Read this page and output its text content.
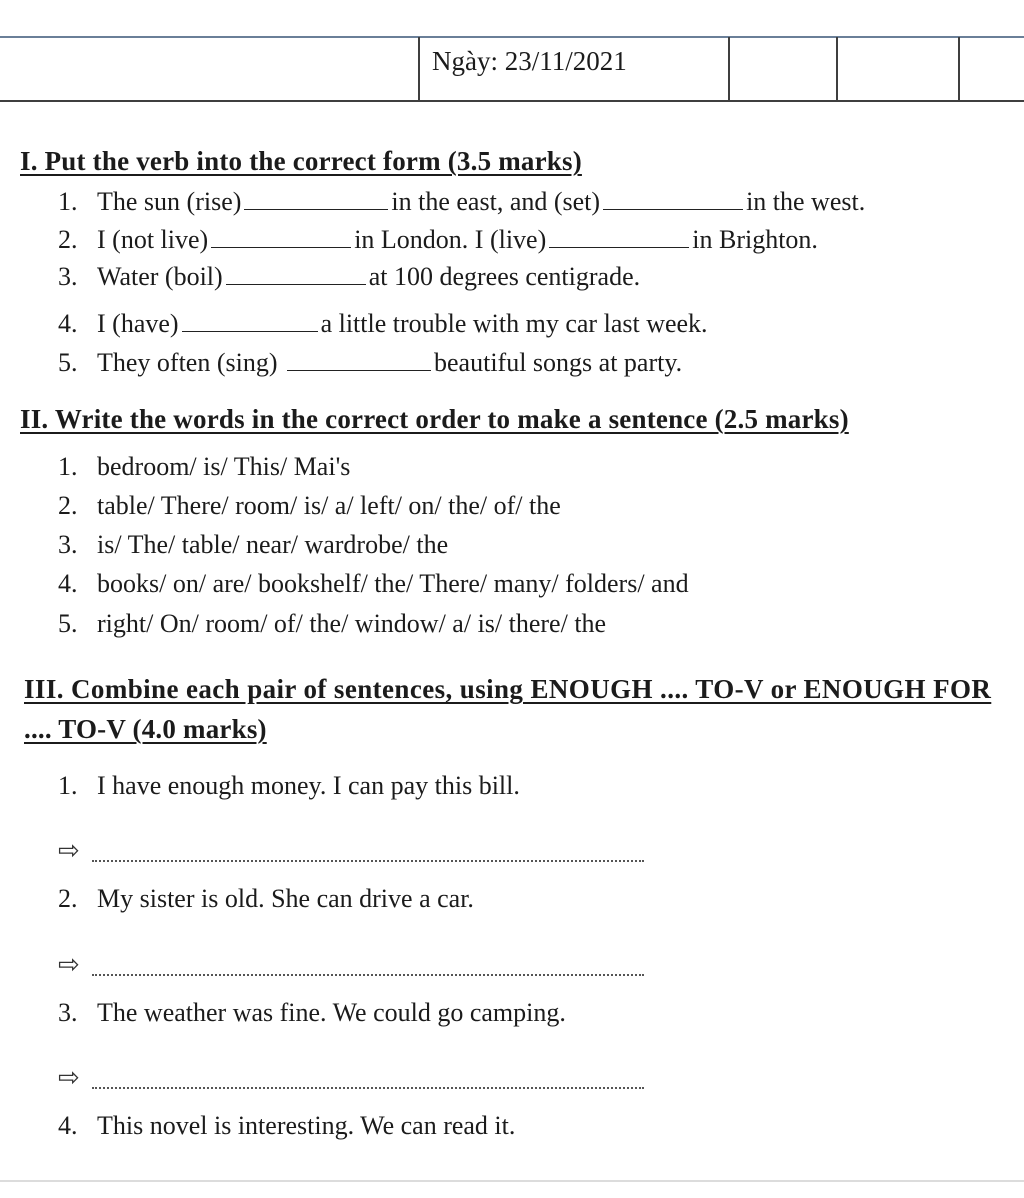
Ngày: 23/11/2021
I. Put the verb into the correct form (3.5 marks)
1. The sun (rise)	in the east, and (set)	in the west.
2. I (not live)	in London. I (live)	in Brighton.
3. Water (boil)	at 100 degrees centigrade.
4. I (have)	a little trouble with my car last week.
5. They often (sing)	beautiful songs at party.
II. Write the words in the correct order to make a sentence (2.5 marks)
1. bedroom/ is/ This/ Mai's
2. table/ There/ room/ is/ a/ left/ on/ the/ of/ the
3. is/ The/ table/ near/ wardrobe/ the
4. books/ on/ are/ bookshelf/ the/ There/ many/ folders/ and
5. right/ On/ room/ of/ the/ window/ a/ is/ there/ the
III. Combine each pair of sentences, using ENOUGH .... TO-V or ENOUGH FOR
.... TO-V (4.0 marks)
1. I have enough money. I can pay this bill.
⇨
2. My sister is old. She can drive a car.
⇨
3. The weather was fine. We could go camping.
⇨
4. This novel is interesting. We can read it.
